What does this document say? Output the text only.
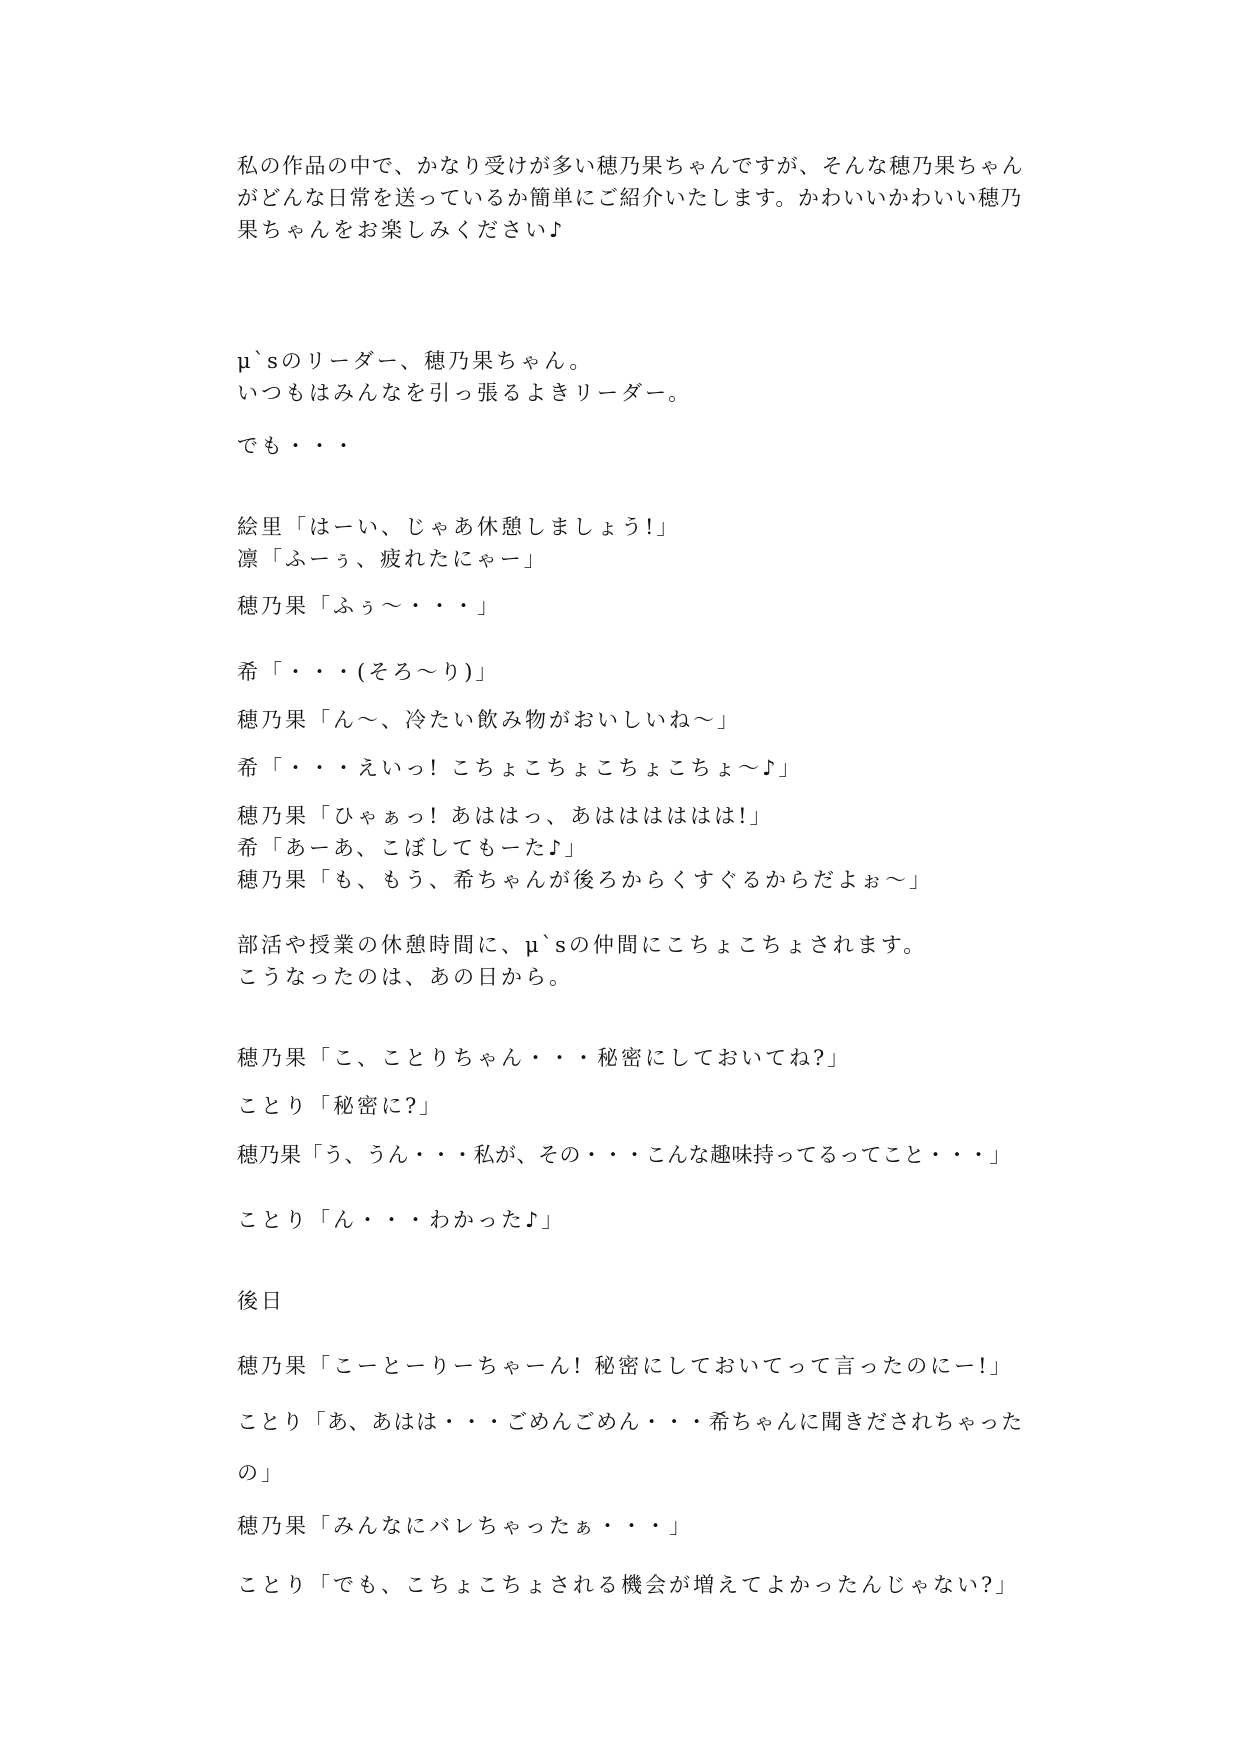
私の作品の中で、かなり受けが多い穂乃果ちゃんですが、そんな穂乃果ちゃん
がどんな日常を送っているか簡単にご紹介いたします。かわいいかわいい穂乃
果ちゃんをお楽しみください♪
μ`sのリーダー、穂乃果ちゃん。
いつもはみんなを引っ張るよきリーダー。
でも・・・
絵里「はーい、じゃあ休憩しましょう!」
凛「ふーぅ、疲れたにゃー」
穂乃果「ふぅ〜・・・」
希「・・・(そろ〜り)」
穂乃果「ん〜、冷たい飲み物がおいしいね〜」
希「・・・えいっ! こちょこちょこちょこちょ〜♪」
穂乃果「ひゃぁっ! あははっ、あはははははは!」
希「あーあ、こぼしてもーた♪」
穂乃果「も、もう、希ちゃんが後ろからくすぐるからだよぉ〜」
部活や授業の休憩時間に、μ`sの仲間にこちょこちょされます。
こうなったのは、あの日から。
穂乃果「こ、ことりちゃん・・・秘密にしておいてね?」
ことり「秘密に?」
穂乃果「う、うん・・・私が、その・・・こんな趣味持ってるってこと・・・」
ことり「ん・・・わかった♪」
後日
穂乃果「こーとーりーちゃーん! 秘密にしておいてって言ったのにー!」
ことり「あ、あはは・・・ごめんごめん・・・希ちゃんに聞きだされちゃった
の」
穂乃果「みんなにバレちゃったぁ・・・」
ことり「でも、こちょこちょされる機会が増えてよかったんじゃない?」
